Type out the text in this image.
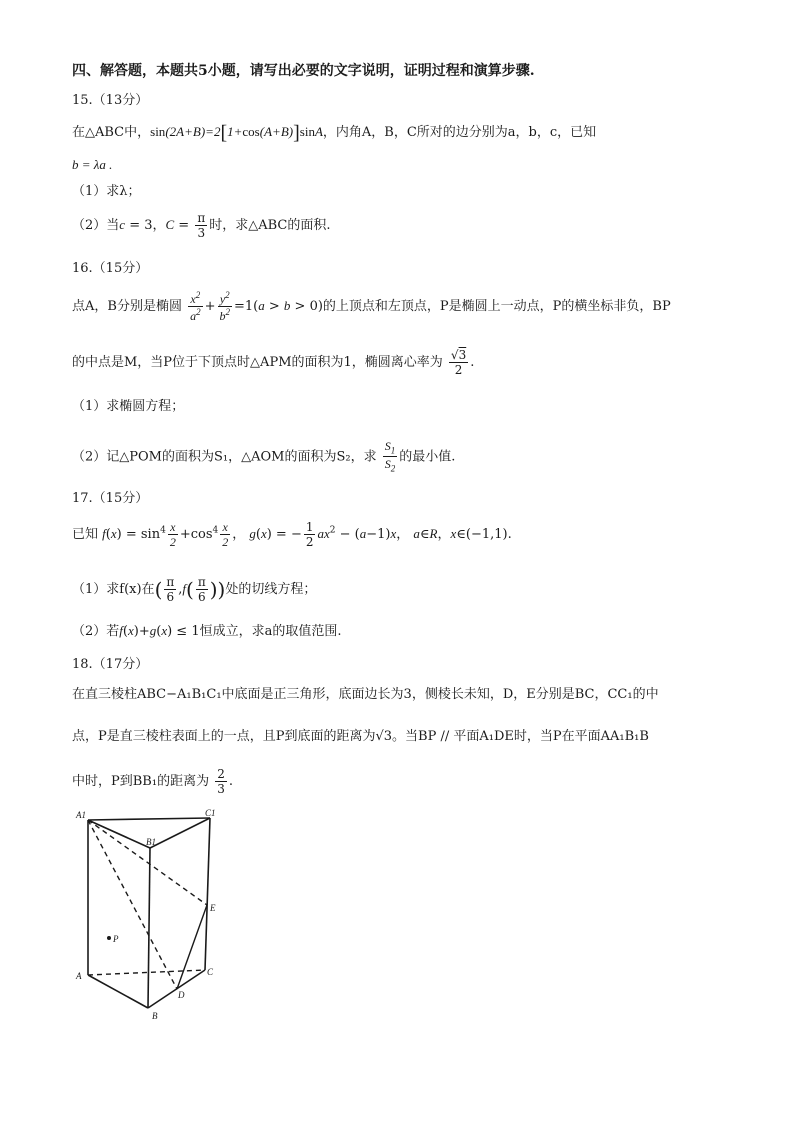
四、解答题，本题共5小题，请写出必要的文字说明，证明过程和演算步骤.
15.（13分）
在△ABC中，sin(2A+B)=2[1+cos(A+B)]sinA，内角A，B，C所对的边分别为a，b，c，已知
b = λa .
（1）求λ；
（2）当c = 3，$C = \frac{\pi}{3}$ 时，求△ABC的面积.
16.（15分）
点A，B分别是椭圆 $\frac{x^2}{a^2} + \frac{y^2}{b^2} =1(a > b > 0)$的上顶点和左顶点，P是椭圆上一动点，P的横坐标非负，BP
的中点是M，当P位于下顶点时△APM的面积为1，椭圆离心率为 $\frac{√3}{2}$ .
（1）求椭圆方程；
（2）记△POM的面积为S₁，△AOM的面积为S₂，求 $\frac{S_1}{S_2}$ 的最小值.
17.（15分）
已知 $f(x) = \sin^4 \frac{x}{2} +\cos^4 \frac{x}{2}$ ， g(x) = − $\frac{1}{2} ax^2 - (a-1)x$， a∈R，x∈(−1,1).
（1）求f(x)在( $\frac{\pi}{6} ,f( \frac{\pi}{6}$ ))处的切线方程；
（2）若f(x)+g(x) ≤ 1恒成立，求a的取值范围.
18.（17分）
在直三棱柱ABC−A₁B₁C₁中底面是正三角形，底面边长为3，侧棱长未知，D，E分别是BC，CC₁的中
点，P是直三棱柱表面上的一点，且P到底面的距离为√3。当BP // 平面A₁DE时，当P在平面AA₁B₁B
中时，P到BB₁的距离为 $\frac{2}{3}$ .
A1	C1
B1
A	C
B
D
E
P
